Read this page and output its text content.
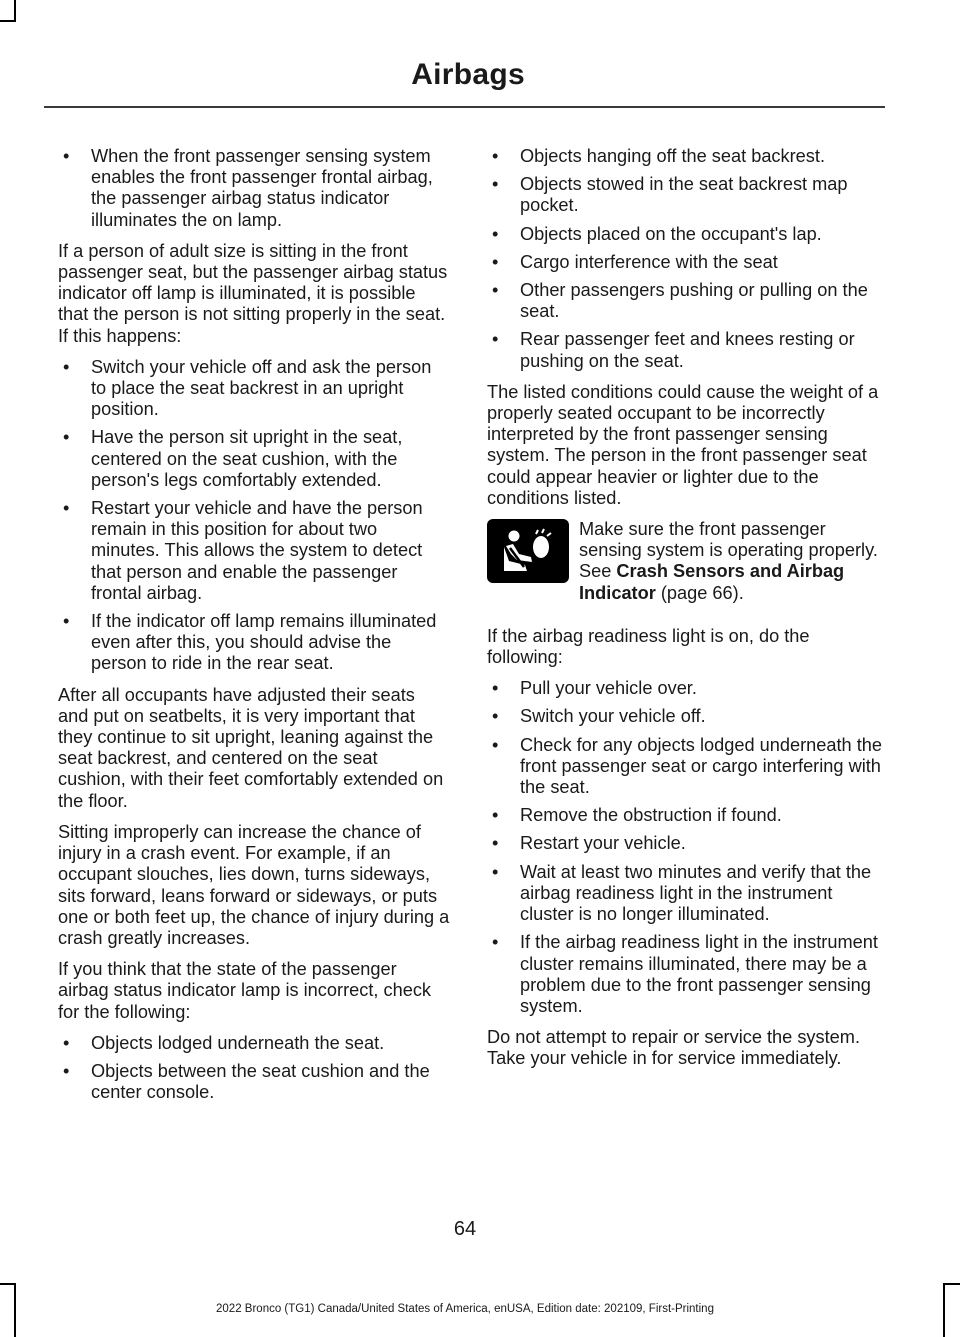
Airbags
• When the front passenger sensing system enables the front passenger frontal airbag, the passenger airbag status indicator illuminates the on lamp.

If a person of adult size is sitting in the front passenger seat, but the passenger airbag status indicator off lamp is illuminated, it is possible that the person is not sitting properly in the seat. If this happens:

• Switch your vehicle off and ask the person to place the seat backrest in an upright position.
• Have the person sit upright in the seat, centered on the seat cushion, with the person's legs comfortably extended.
• Restart your vehicle and have the person remain in this position for about two minutes. This allows the system to detect that person and enable the passenger frontal airbag.
• If the indicator off lamp remains illuminated even after this, you should advise the person to ride in the rear seat.

After all occupants have adjusted their seats and put on seatbelts, it is very important that they continue to sit upright, leaning against the seat backrest, and centered on the seat cushion, with their feet comfortably extended on the floor.

Sitting improperly can increase the chance of injury in a crash event. For example, if an occupant slouches, lies down, turns sideways, sits forward, leans forward or sideways, or puts one or both feet up, the chance of injury during a crash greatly increases.

If you think that the state of the passenger airbag status indicator lamp is incorrect, check for the following:

• Objects lodged underneath the seat.
• Objects between the seat cushion and the center console.
• Objects hanging off the seat backrest.
• Objects stowed in the seat backrest map pocket.
• Objects placed on the occupant's lap.
• Cargo interference with the seat
• Other passengers pushing or pulling on the seat.
• Rear passenger feet and knees resting or pushing on the seat.

The listed conditions could cause the weight of a properly seated occupant to be incorrectly interpreted by the front passenger sensing system. The person in the front passenger seat could appear heavier or lighter due to the conditions listed.

Make sure the front passenger sensing system is operating properly. See Crash Sensors and Airbag Indicator (page 66).

If the airbag readiness light is on, do the following:

• Pull your vehicle over.
• Switch your vehicle off.
• Check for any objects lodged underneath the front passenger seat or cargo interfering with the seat.
• Remove the obstruction if found.
• Restart your vehicle.
• Wait at least two minutes and verify that the airbag readiness light in the instrument cluster is no longer illuminated.
• If the airbag readiness light in the instrument cluster remains illuminated, there may be a problem due to the front passenger sensing system.

Do not attempt to repair or service the system. Take your vehicle in for service immediately.

64
2022 Bronco (TG1) Canada/United States of America, enUSA, Edition date: 202109, First-Printing
